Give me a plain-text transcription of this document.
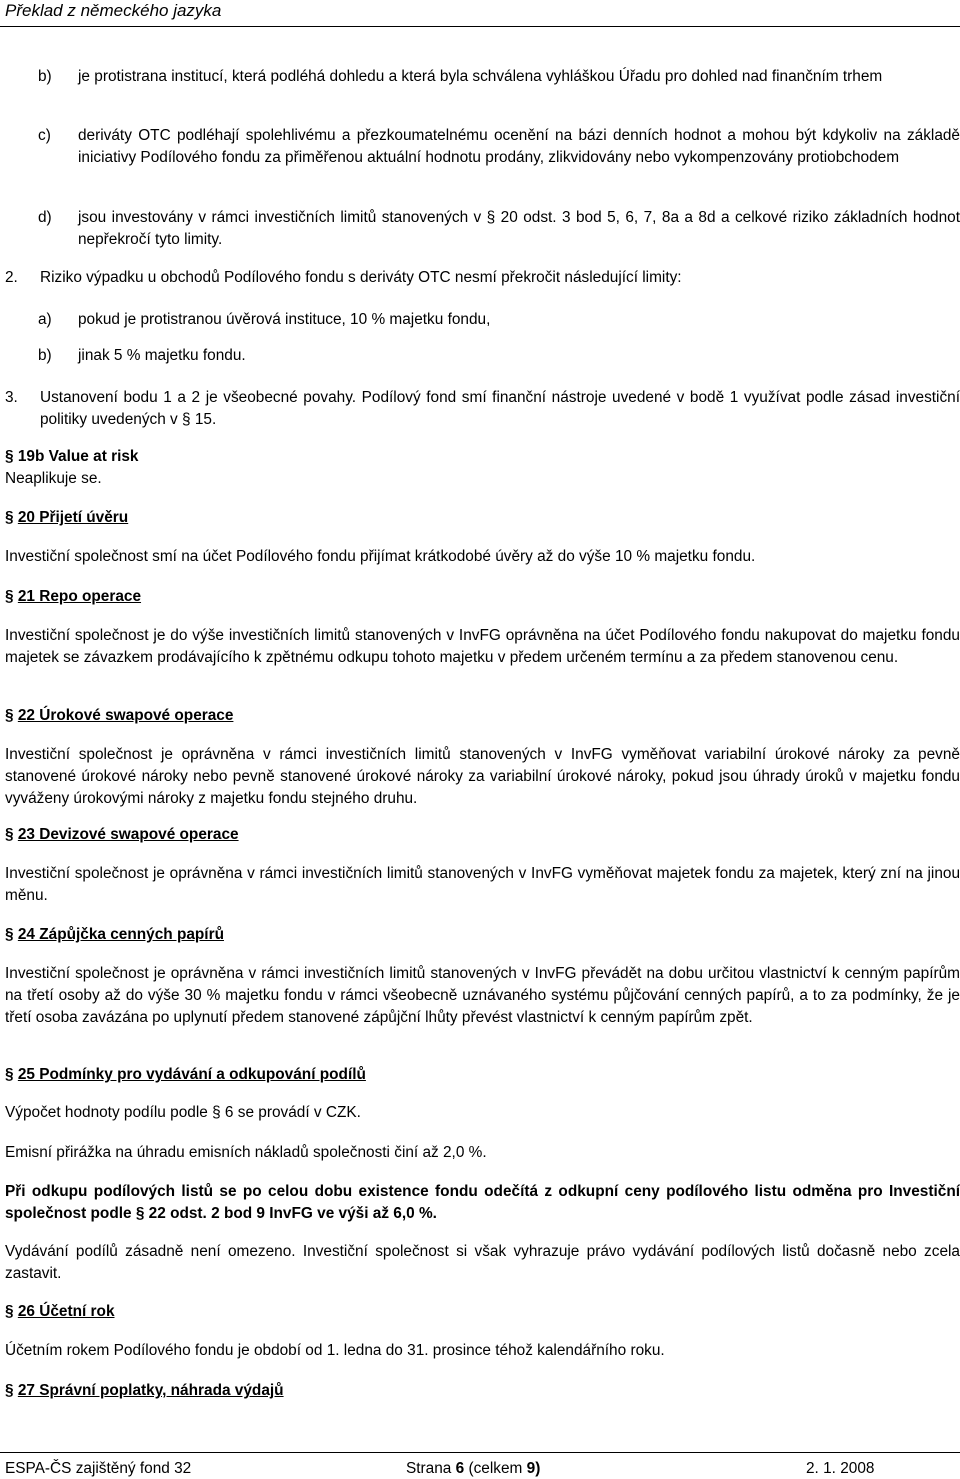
Překlad z německého jazyka
b) je protistrana institucí, která podléhá dohledu a která byla schválena vyhláškou Úřadu pro dohled nad finančním trhem
c) deriváty OTC podléhají spolehlivému a přezkoumatelnému ocenění na bázi denních hodnot a mohou být kdykoliv na základě iniciativy Podílového fondu za přiměřenou aktuální hodnotu prodány, zlikvidovány nebo vykompenzovány protiobchodem
d) jsou investovány v rámci investičních limitů stanovených v § 20 odst. 3 bod 5, 6, 7, 8a a 8d a celkové riziko základních hodnot nepřekročí tyto limity.
2. Riziko výpadku u obchodů Podílového fondu s deriváty OTC nesmí překročit následující limity:
a) pokud je protistranou úvěrová instituce, 10 % majetku fondu,
b) jinak 5 % majetku fondu.
3. Ustanovení bodu 1 a 2 je všeobecné povahy. Podílový fond smí finanční nástroje uvedené v bodě 1 využívat podle zásad investiční politiky uvedených v § 15.
§ 19b Value at risk
Neaplikuje se.
§ 20 Přijetí úvěru
Investiční společnost smí na účet Podílového fondu přijímat krátkodobé úvěry až do výše 10 % majetku fondu.
§ 21 Repo operace
Investiční společnost je do výše investičních limitů stanovených v InvFG oprávněna na účet Podílového fondu nakupovat do majetku fondu majetek se závazkem prodávajícího k zpětnému odkupu tohoto majetku v předem určeném termínu a za předem stanovenou cenu.
§ 22 Úrokové swapové operace
Investiční společnost je oprávněna v rámci investičních limitů stanovených v InvFG vyměňovat variabilní úrokové nároky za pevně stanovené úrokové nároky nebo pevně stanovené úrokové nároky za variabilní úrokové nároky, pokud jsou úhrady úroků v majetku fondu vyváženy úrokovými nároky z majetku fondu stejného druhu.
§ 23 Devizové swapové operace
Investiční společnost je oprávněna v rámci investičních limitů stanovených v InvFG vyměňovat majetek fondu za majetek, který zní na jinou měnu.
§ 24 Zápůjčka cenných papírů
Investiční společnost je oprávněna v rámci investičních limitů stanovených v InvFG převádět na dobu určitou vlastnictví k cenným papírům na třetí osoby až do výše 30 % majetku fondu v rámci všeobecně uznávaného systému půjčování cenných papírů, a to za podmínky, že je třetí osoba zavázána po uplynutí předem stanovené zápůjční lhůty převést vlastnictví k cenným papírům zpět.
§ 25 Podmínky pro vydávání a odkupování podílů
Výpočet hodnoty podílu podle § 6 se provádí v CZK.
Emisní přirážka na úhradu emisních nákladů společnosti činí až 2,0 %.
Při odkupu podílových listů se po celou dobu existence fondu odečítá z odkupní ceny podílového listu odměna pro Investiční společnost podle § 22 odst. 2 bod 9 InvFG ve výši až 6,0 %.
Vydávání podílů zásadně není omezeno. Investiční společnost si však vyhrazuje právo vydávání podílových listů dočasně nebo zcela zastavit.
§ 26 Účetní rok
Účetním rokem Podílového fondu je období od 1. ledna do 31. prosince téhož kalendářního roku.
§ 27 Správní poplatky, náhrada výdajů
ESPA-ČS zajištěný fond 32	Strana 6 (celkem 9)	2. 1. 2008
